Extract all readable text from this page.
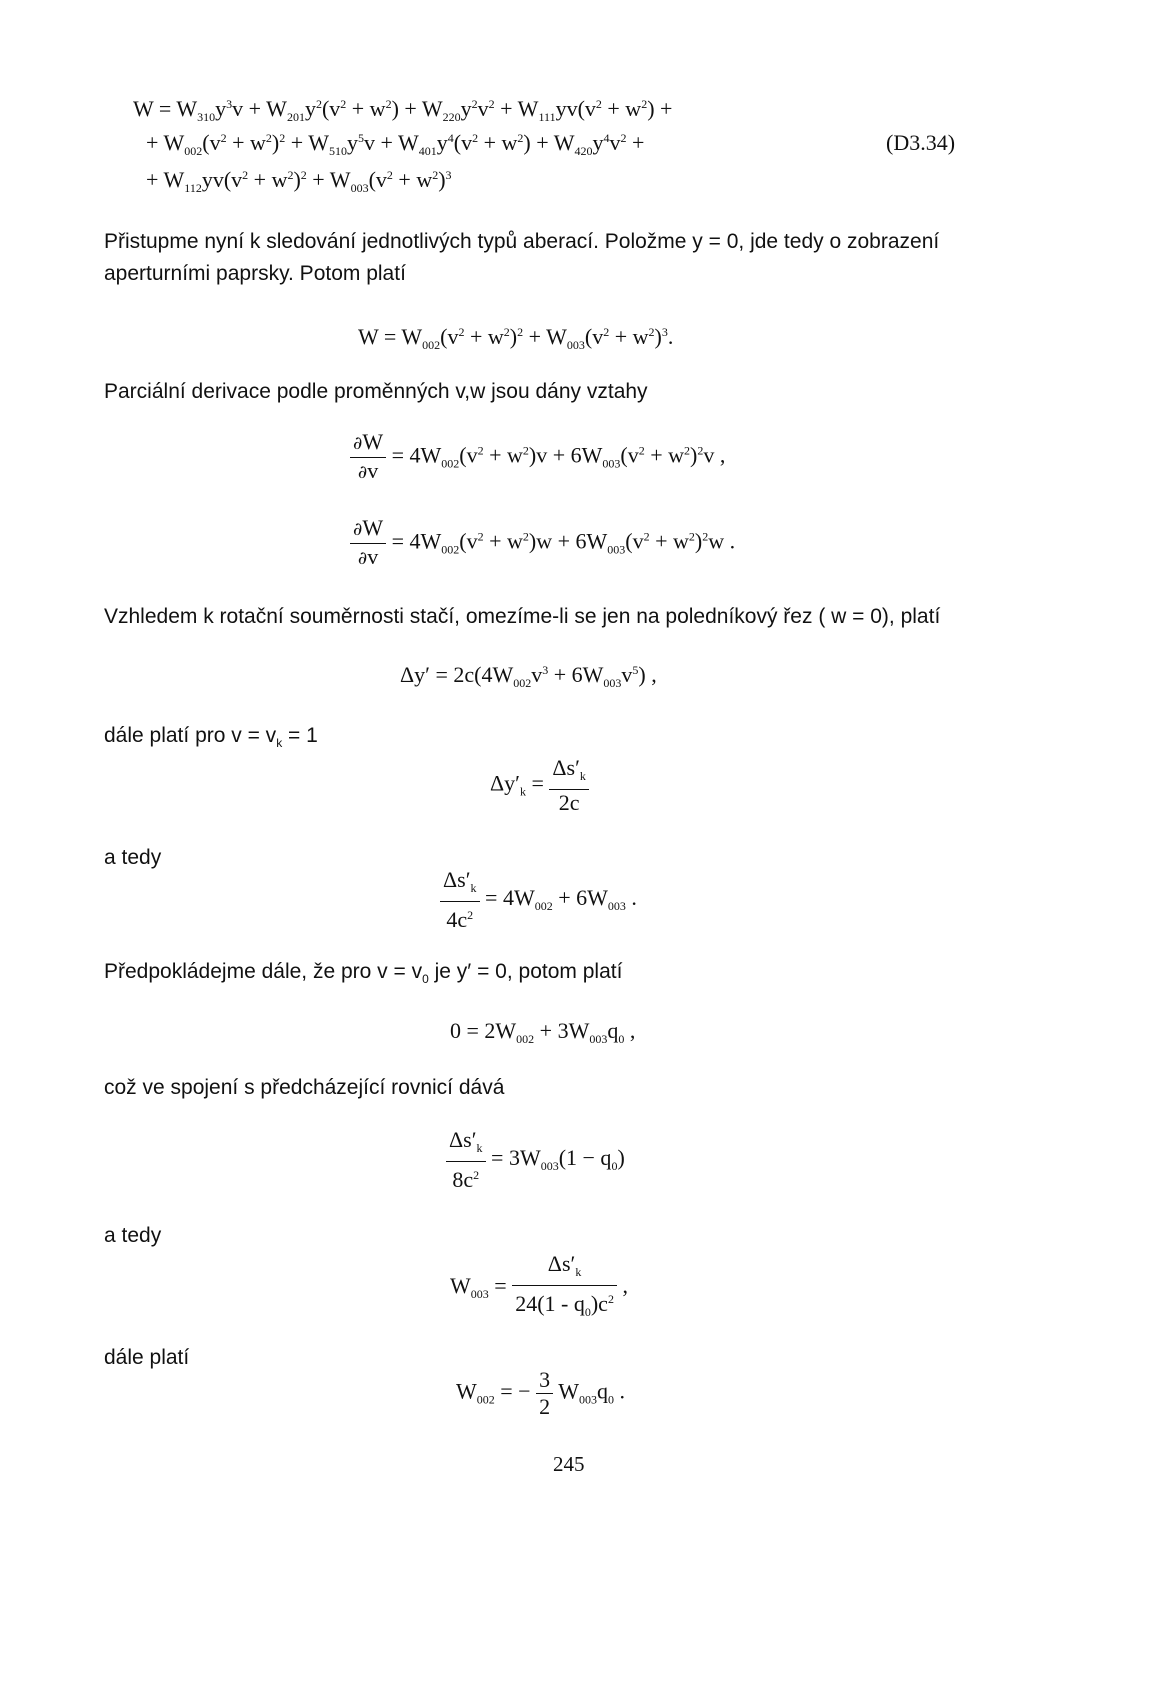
$W = W_{310}y^3v + W_{201}y^2(v^2 + w^2) + W_{220}y^2v^2 + W_{111}yv(v^2 + w^2)$ +
+ $W_{002}(v^2 + w^2)^2 + W_{510}y^5v + W_{401}y^4(v^2 + w^2) + W_{420}y^4v^2$ +	(D3.34)
+ $W_{112}yv(v^2 + w^2)^2 + W_{003}(v^2 + w^2)^3$
Přistupme nyní k sledování jednotlivých typů aberací. Položme y = 0, jde tedy o zobrazení
aperturními paprsky. Potom platí
$W = W_{002}(v^2 + w^2)^2 + W_{003}(v^2 + w^2)^3$.
Parciální derivace podle proměnných v,w jsou dány vztahy
$\frac{\partial W}{\partial v} = 4W_{002}(v^2 + w^2)v + 6W_{003}(v^2 + w^2)^2v$ ,
$\frac{\partial W}{\partial v} = 4W_{002}(v^2 + w^2)w + 6W_{003}(v^2 + w^2)^2w$ .
Vzhledem k rotační souměrnosti stačí, omezíme-li se jen na poledníkový řez ( w = 0), platí
$\Delta y' = 2c(4W_{002}v^3 + 6W_{003}v^5)$ ,
dále platí pro $v = v_k = 1$
$\Delta y'_k = \frac{\Delta s'_k}{2c}$
a tedy
$\frac{\Delta s'_k}{4c^2} = 4W_{002} + 6W_{003}$ .
Předpokládejme dále, že pro $v = v_0$ je y′ = 0, potom platí
$0 = 2W_{002} + 3W_{003}q_0$ ,
což ve spojení s předcházející rovnicí dává
$\frac{\Delta s'_k}{8c^2} = 3W_{003}(1 - q_0)$
a tedy
$W_{003} = \frac{\Delta s'_k}{24(1 - q_0)c^2}$ ,
dále platí
$W_{002}$ = − $\frac{3}{2} W_{003}q_0$ .
245
